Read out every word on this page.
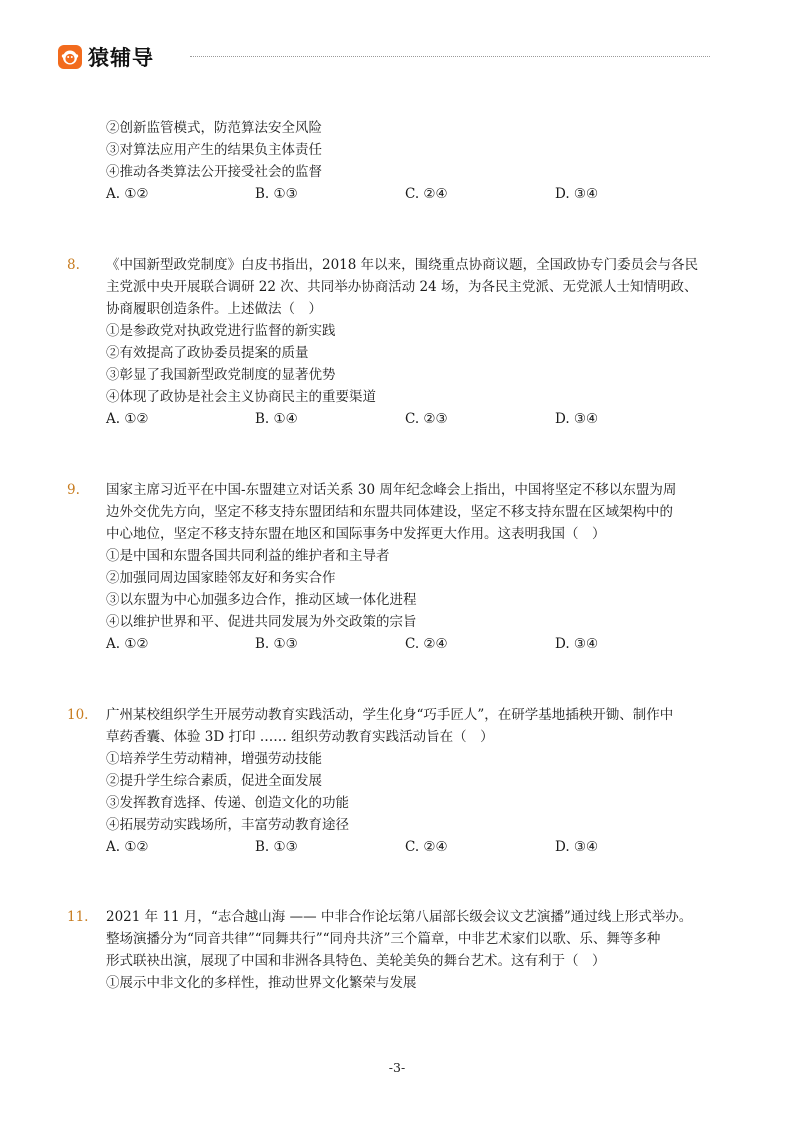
猿辅导
②创新监管模式，防范算法安全风险
③对算法应用产生的结果负主体责任
④推动各类算法公开接受社会的监督
A. ①②	B. ①③	C. ②④	D. ③④
8. 《中国新型政党制度》白皮书指出，2018 年以来，围绕重点协商议题，全国政协专门委员会与各民
主党派中央开展联合调研 22 次、共同举办协商活动 24 场，为各民主党派、无党派人士知情明政、
协商履职创造条件。上述做法（　）
①是参政党对执政党进行监督的新实践
②有效提高了政协委员提案的质量
③彰显了我国新型政党制度的显著优势
④体现了政协是社会主义协商民主的重要渠道
A. ①②	B. ①④	C. ②③	D. ③④
9. 国家主席习近平在中国-东盟建立对话关系 30 周年纪念峰会上指出，中国将坚定不移以东盟为周
边外交优先方向，坚定不移支持东盟团结和东盟共同体建设，坚定不移支持东盟在区域架构中的
中心地位，坚定不移支持东盟在地区和国际事务中发挥更大作用。这表明我国（　）
①是中国和东盟各国共同利益的维护者和主导者
②加强同周边国家睦邻友好和务实合作
③以东盟为中心加强多边合作，推动区域一体化进程
④以维护世界和平、促进共同发展为外交政策的宗旨
A. ①②	B. ①③	C. ②④	D. ③④
10. 广州某校组织学生开展劳动教育实践活动，学生化身“巧手匠人”，在研学基地插秧开锄、制作中
草药香囊、体验 3D 打印 …… 组织劳动教育实践活动旨在（　）
①培养学生劳动精神，增强劳动技能
②提升学生综合素质，促进全面发展
③发挥教育选择、传递、创造文化的功能
④拓展劳动实践场所，丰富劳动教育途径
A. ①②	B. ①③	C. ②④	D. ③④
11. 2021 年 11 月，“志合越山海 —— 中非合作论坛第八届部长级会议文艺演播”通过线上形式举办。
整场演播分为“同音共律”“同舞共行”“同舟共济”三个篇章，中非艺术家们以歌、乐、舞等多种
形式联袂出演，展现了中国和非洲各具特色、美轮美奂的舞台艺术。这有利于（　）
①展示中非文化的多样性，推动世界文化繁荣与发展
-3-
